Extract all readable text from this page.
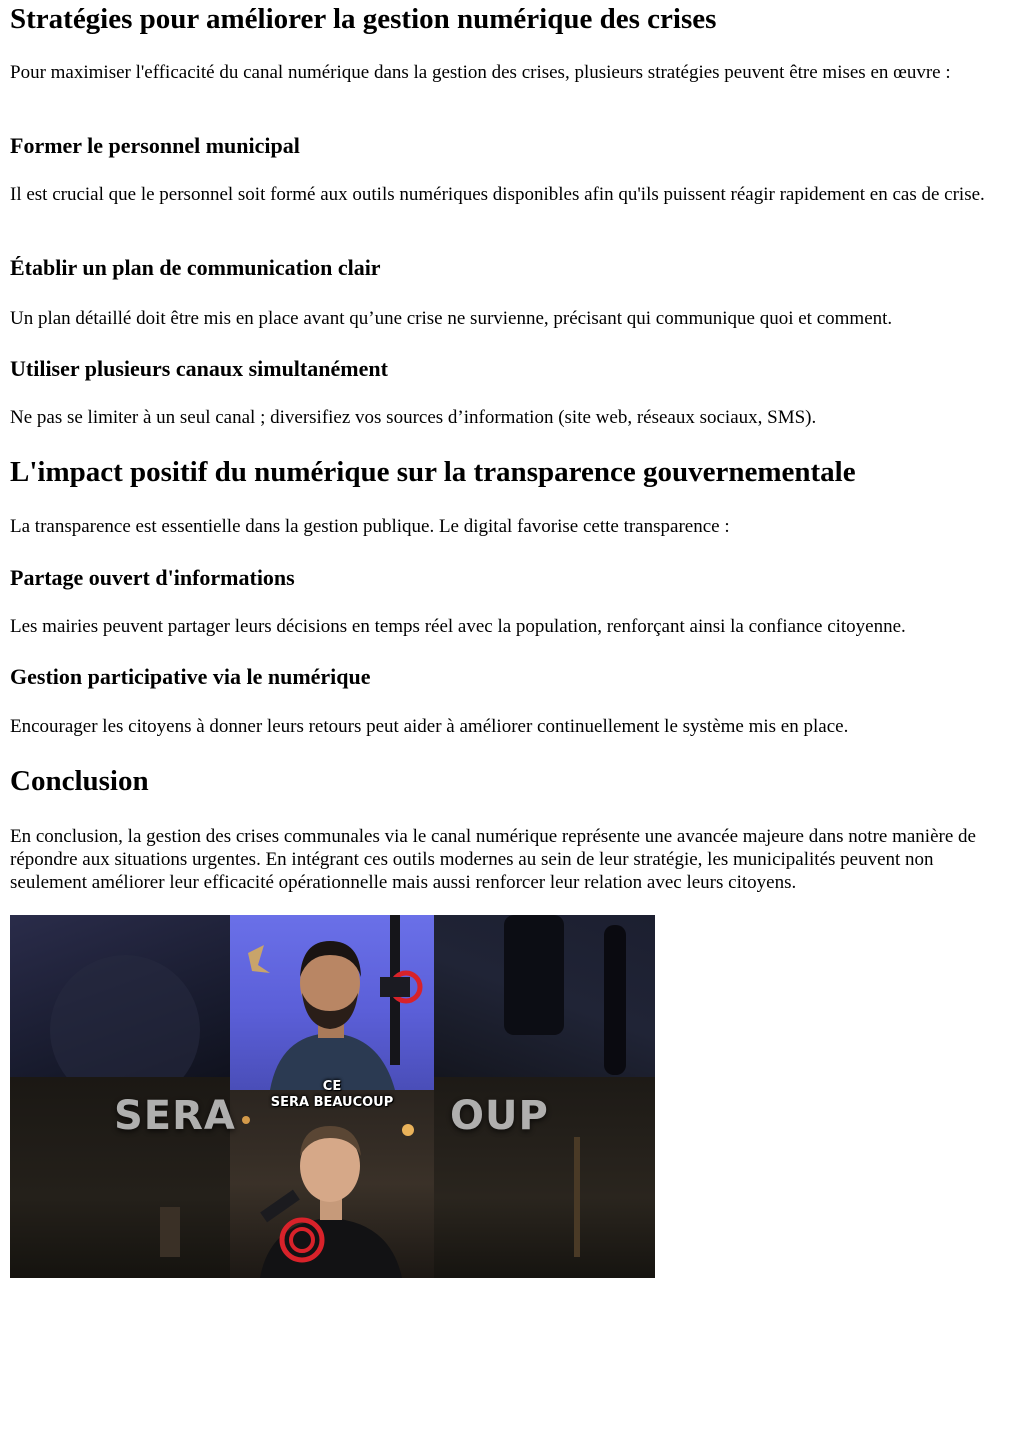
Stratégies pour améliorer la gestion numérique des crises

Pour maximiser l'efficacité du canal numérique dans la gestion des crises, plusieurs stratégies peuvent être mises en œuvre :

Former le personnel municipal

Il est crucial que le personnel soit formé aux outils numériques disponibles afin qu'ils puissent réagir rapidement en cas de crise.

Établir un plan de communication clair

Un plan détaillé doit être mis en place avant qu’une crise ne survienne, précisant qui communique quoi et comment.

Utiliser plusieurs canaux simultanément

Ne pas se limiter à un seul canal ; diversifiez vos sources d’information (site web, réseaux sociaux, SMS).

L'impact positif du numérique sur la transparence gouvernementale

La transparence est essentielle dans la gestion publique. Le digital favorise cette transparence :

Partage ouvert d'informations

Les mairies peuvent partager leurs décisions en temps réel avec la population, renforçant ainsi la confiance citoyenne.

Gestion participative via le numérique

Encourager les citoyens à donner leurs retours peut aider à améliorer continuellement le système mis en place.

Conclusion

En conclusion, la gestion des crises communales via le canal numérique représente une avancée majeure dans notre manière de répondre aux situations urgentes. En intégrant ces outils modernes au sein de leur stratégie, les municipalités peuvent non seulement améliorer leur efficacité opérationnelle mais aussi renforcer leur relation avec leurs citoyens.

SERA	OUP
CE
SERA BEAUCOUP
